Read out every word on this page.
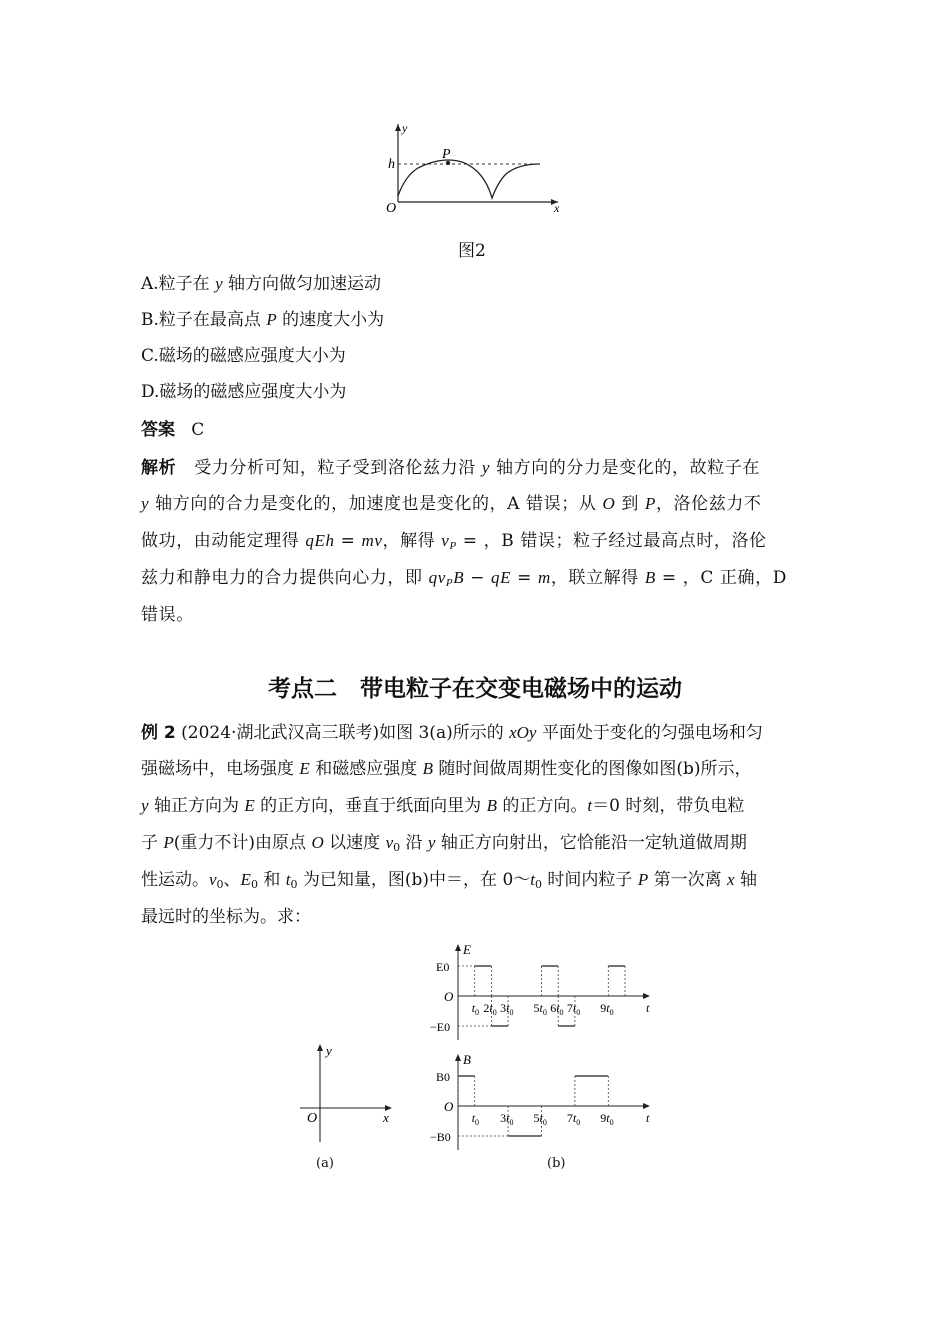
y
h
P
O	x
图2
A.粒子在 y 轴方向做匀加速运动
B.粒子在最高点 P 的速度大小为
C.磁场的磁感应强度大小为
D.磁场的磁感应强度大小为
答案 C
解析   受力分析可知，粒子受到洛伦兹力沿 y 轴方向的分力是变化的，故粒子在
y 轴方向的合力是变化的，加速度也是变化的，A 错误；从 O 到 P，洛伦兹力不
做功，由动能定理得 qEh = mv，解得 $v_P$ = ，B 错误；粒子经过最高点时，洛伦
兹力和静电力的合力提供向心力，即 $qv_PB$ − qE = m，联立解得 B = ，C 正确，D
错误。
考点二　带电粒子在交变电磁场中的运动
例 2 (2024·湖北武汉高三联考)如图 3(a)所示的 xOy 平面处于变化的匀强电场和匀
强磁场中，电场强度 E 和磁感应强度 B 随时间做周期性变化的图像如图(b)所示，
y 轴正方向为 E 的正方向，垂直于纸面向里为 B 的正方向。t＝0 时刻，带负电粒
子 P(重力不计)由原点 O 以速度 $v_0$ 沿 y 轴正方向射出，它恰能沿一定轨道做周期
性运动。$v_0$、$E_0$ 和 $t_0$ 为已知量，图(b)中＝，在 $0\sim t_0$ 时间内粒子 P 第一次离 x 轴
最远时的坐标为。求：
y
O	x
(a)
E
t
O
E0
−E0
$t_0$ $2t_0$ $3t_0$ $5t_0$ $6t_0$ $7t_0$ $9t_0$
B
t
O
B0
−B0
$t_0$ $3t_0$ $5t_0$ $7t_0$ $9t_0$
(b)
